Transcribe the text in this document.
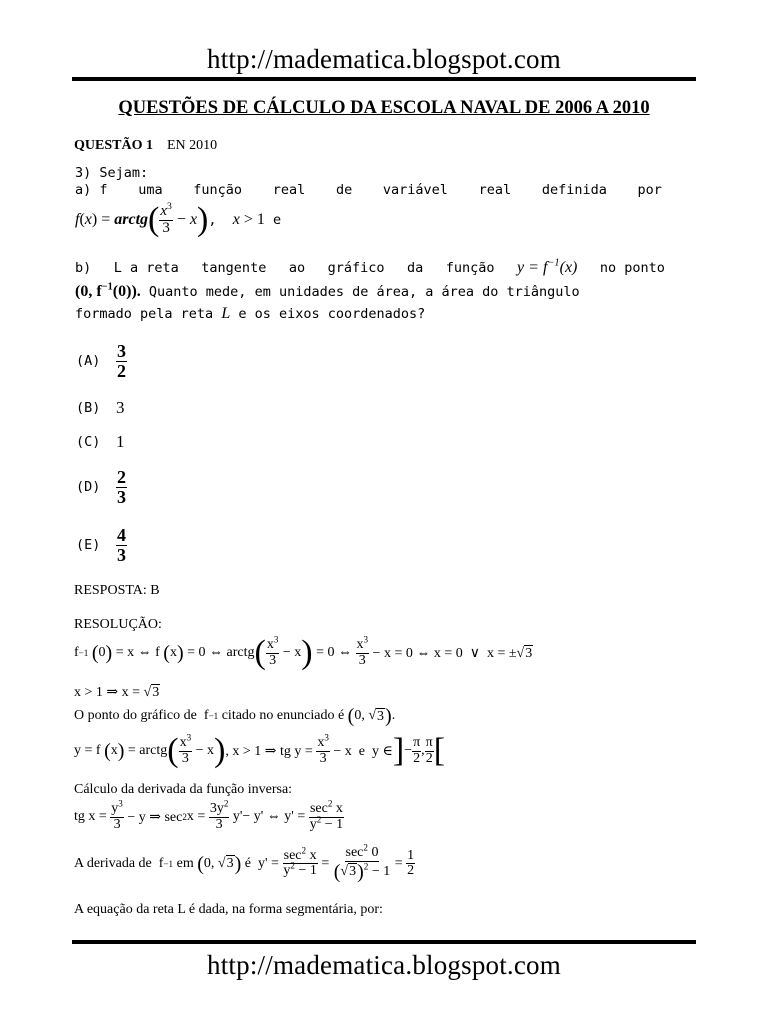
http://madematica.blogspot.com
QUESTÕES DE CÁLCULO DA ESCOLA NAVAL DE 2006 A 2010
QUESTÃO 1 EN 2010
3) Sejam:
a) f uma função real de variável real definida por
f ( x ) = arctg ( $\frac{x^3}{3} - x$ ) , x > 1 e
b) L a reta tangente ao gráfico da função $y = f^{-1}(x)$ no ponto
(0, $f^{-1}(0)$).
Quanto mede, em unidades de área, a área do triângulo
formado pela reta
L
e os eixos coordenados?
$(A) \frac{3}{2}$
(B) 3
(C) 1
$(D) \frac{2}{3}$
$(E) \frac{4}{3}$
RESPOSTA: B
RESOLUÇÃO:
f −1
( 0 ) = x ⇔ f ( x ) = 0 ⇔ arctg ( $\frac{x^3}{3} - x$ ) = 0 ⇔ $\frac{x^3}{3} - x = 0$ ⇔ x = 0  ∨  x = ±√ 3
x > 1 ⇒ x = √ 3
O ponto do gráfico de f −1
citado no enunciado é
( 0, √ 3 ) .
y = f ( x ) = arctg ( $\frac{x^3}{3} - x$ ) , x > 1 ⇒ tg $y = \frac{x^3}{3} - x$  e  y ∈ ] − $\frac{\pi}{2}$ , $\frac{\pi}{2}$ [
Cálculo da derivada da função inversa:
tg $x = \frac{y^3}{3} - y$ ⇒ sec 2 $x = \frac{3y^2}{3} y'- y'$ ⇔ $y' = \frac{\sec^2 x}{y^2 - 1}$
A derivada de f −1
em
( 0, √ 3 )
é $y' = \frac{\sec^2 x}{y^2 - 1} = \frac{\sec^2 0}{(√3)^2 - 1} = \frac{1}{2}$
A equação da reta L é dada, na forma segmentária, por:
http://madematica.blogspot.com
